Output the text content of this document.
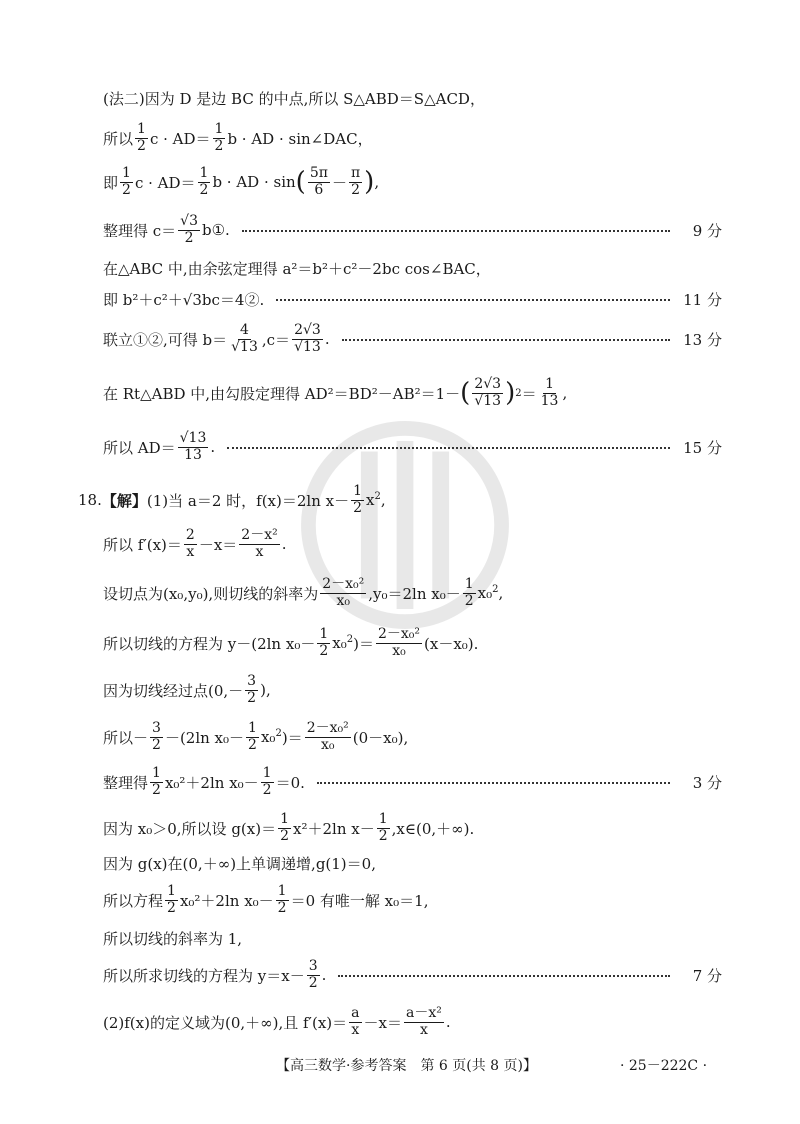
(法二)因为 D 是边 BC 的中点,所以 S△ABD＝S△ACD，
所以 $\frac{1}{2}$ $c \cdot AD= \frac{1}{2}$ b · AD · sin∠DAC，
即 $\frac{1}{2}$ $c \cdot AD= \frac{1}{2}$ b · AD · sin ( $\frac{5\pi}{6} - \frac{\pi}{2}$ ) ,
整理得 $c= \frac{√3}{2}$ b①.	9 分
在△ABC 中,由余弦定理得 a²＝b²＋c²－2bc cos∠BAC，
即 b²＋c²＋√3bc＝4②.	11 分
联立①②,可得 $b= \frac{4}{√13} ,c= \frac{2√3}{√13}$ .	13 分
在 Rt△ABD 中,由勾股定理得 AD²＝BD²－AB²＝1－ ( $\frac{2√3}{√13}$ ) $2 = \frac{1}{13}$ ,
所以 $AD= \frac{√13}{13}$ .	15 分
18. 【解】 (1)当 a＝2 时，f(x)＝2ln $x- \frac{1}{2} x^2$,
所以 $f'(x)= \frac{2}{x} -x= \frac{\text{2－x²}}{x}$ .
设切点为(x₀,y₀),则切线的斜率为 $\frac{\text{2－x₀²}}{\text{x₀}} ,y_0=2\ln$ $x_0- \frac{1}{2} x_0^2$,
所以切线的方程为 y－(2ln $x_0- \frac{1}{2} x_0^2$ )＝ $\frac{\text{2－x₀²}}{\text{x₀}} (x-x_0)$.
因为切线经过点($0,- \frac{3}{2}$ ),
所以－ $\frac{3}{2} -(2\ln$ $x_0- \frac{1}{2} x_0^2$ )＝ $\frac{\text{2－x₀²}}{\text{x₀}} (0-x_0)$,
整理得 $\frac{1}{2} x_0^2+2\ln$ $x_0- \frac{1}{2} =0$.	3 分
因为 x₀＞0,所以设 $g(x)= \frac{1}{2} x^2+2\ln$ $x- \frac{1}{2}$ ,x∈(0,＋∞).
因为 g(x)在(0,＋∞)上单调递增,g(1)＝0,
所以方程 $\frac{1}{2} x_0^2+2\ln$ $x_0- \frac{1}{2} =0$ 有唯一解 x₀＝1,
所以切线的斜率为 1,
所以所求切线的方程为 $y=x- \frac{3}{2}$ .	7 分
(2)f(x)的定义域为(0,＋∞),且 $f'(x)= \frac{a}{x} -x= \frac{\text{a－x²}}{x}$ .
【高三数学·参考答案　第 6 页(共 8 页)】	· 25－222C ·
